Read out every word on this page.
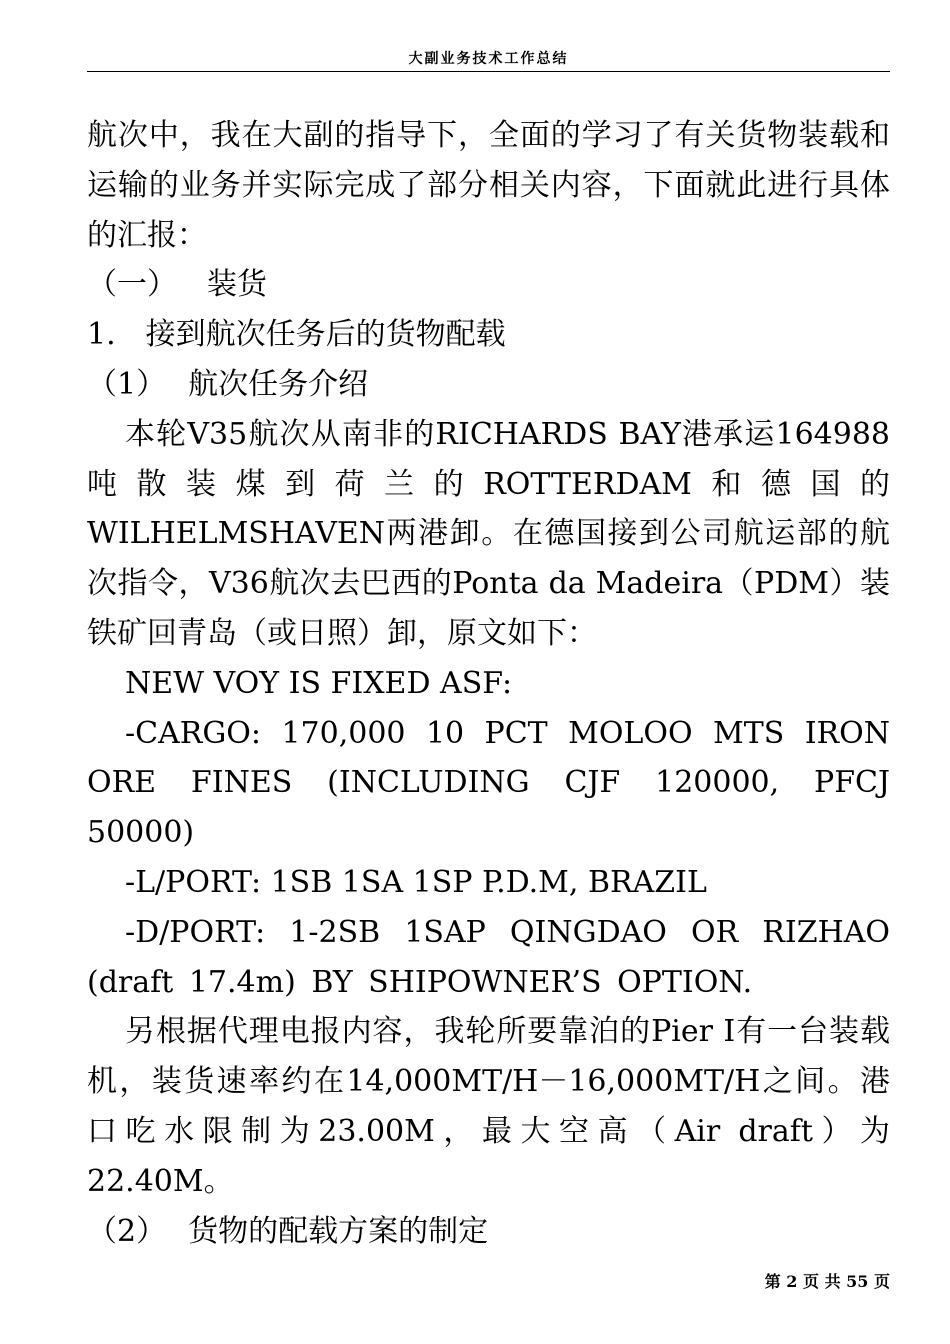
大副业务技术工作总结

航次中，我在大副的指导下，全面的学习了有关货物装载和运输的业务并实际完成了部分相关内容，下面就此进行具体的汇报：

（一） 装货

1. 接到航次任务后的货物配载

（1） 航次任务介绍

本轮V35航次从南非的RICHARDS BAY港承运164988吨散装煤到荷兰的ROTTERDAM和德国的WILHELMSHAVEN两港卸。在德国接到公司航运部的航次指令，V36航次去巴西的Ponta da Madeira（PDM）装铁矿回青岛（或日照）卸，原文如下：

NEW VOY IS FIXED ASF:

-CARGO: 170,000 10 PCT MOLOO MTS IRON ORE FINES (INCLUDING CJF 120000, PFCJ 50000)

-L/PORT: 1SB 1SA 1SP P.D.M, BRAZIL

-D/PORT: 1-2SB 1SAP QINGDAO OR RIZHAO (draft 17.4m) BY SHIPOWNER’S OPTION.

另根据代理电报内容，我轮所要靠泊的Pier I有一台装载机，装货速率约在14,000MT/H－16,000MT/H之间。港口吃水限制为23.00M，最大空高（Air draft）为22.40M。

（2） 货物的配载方案的制定

第 2 页 共 55 页
